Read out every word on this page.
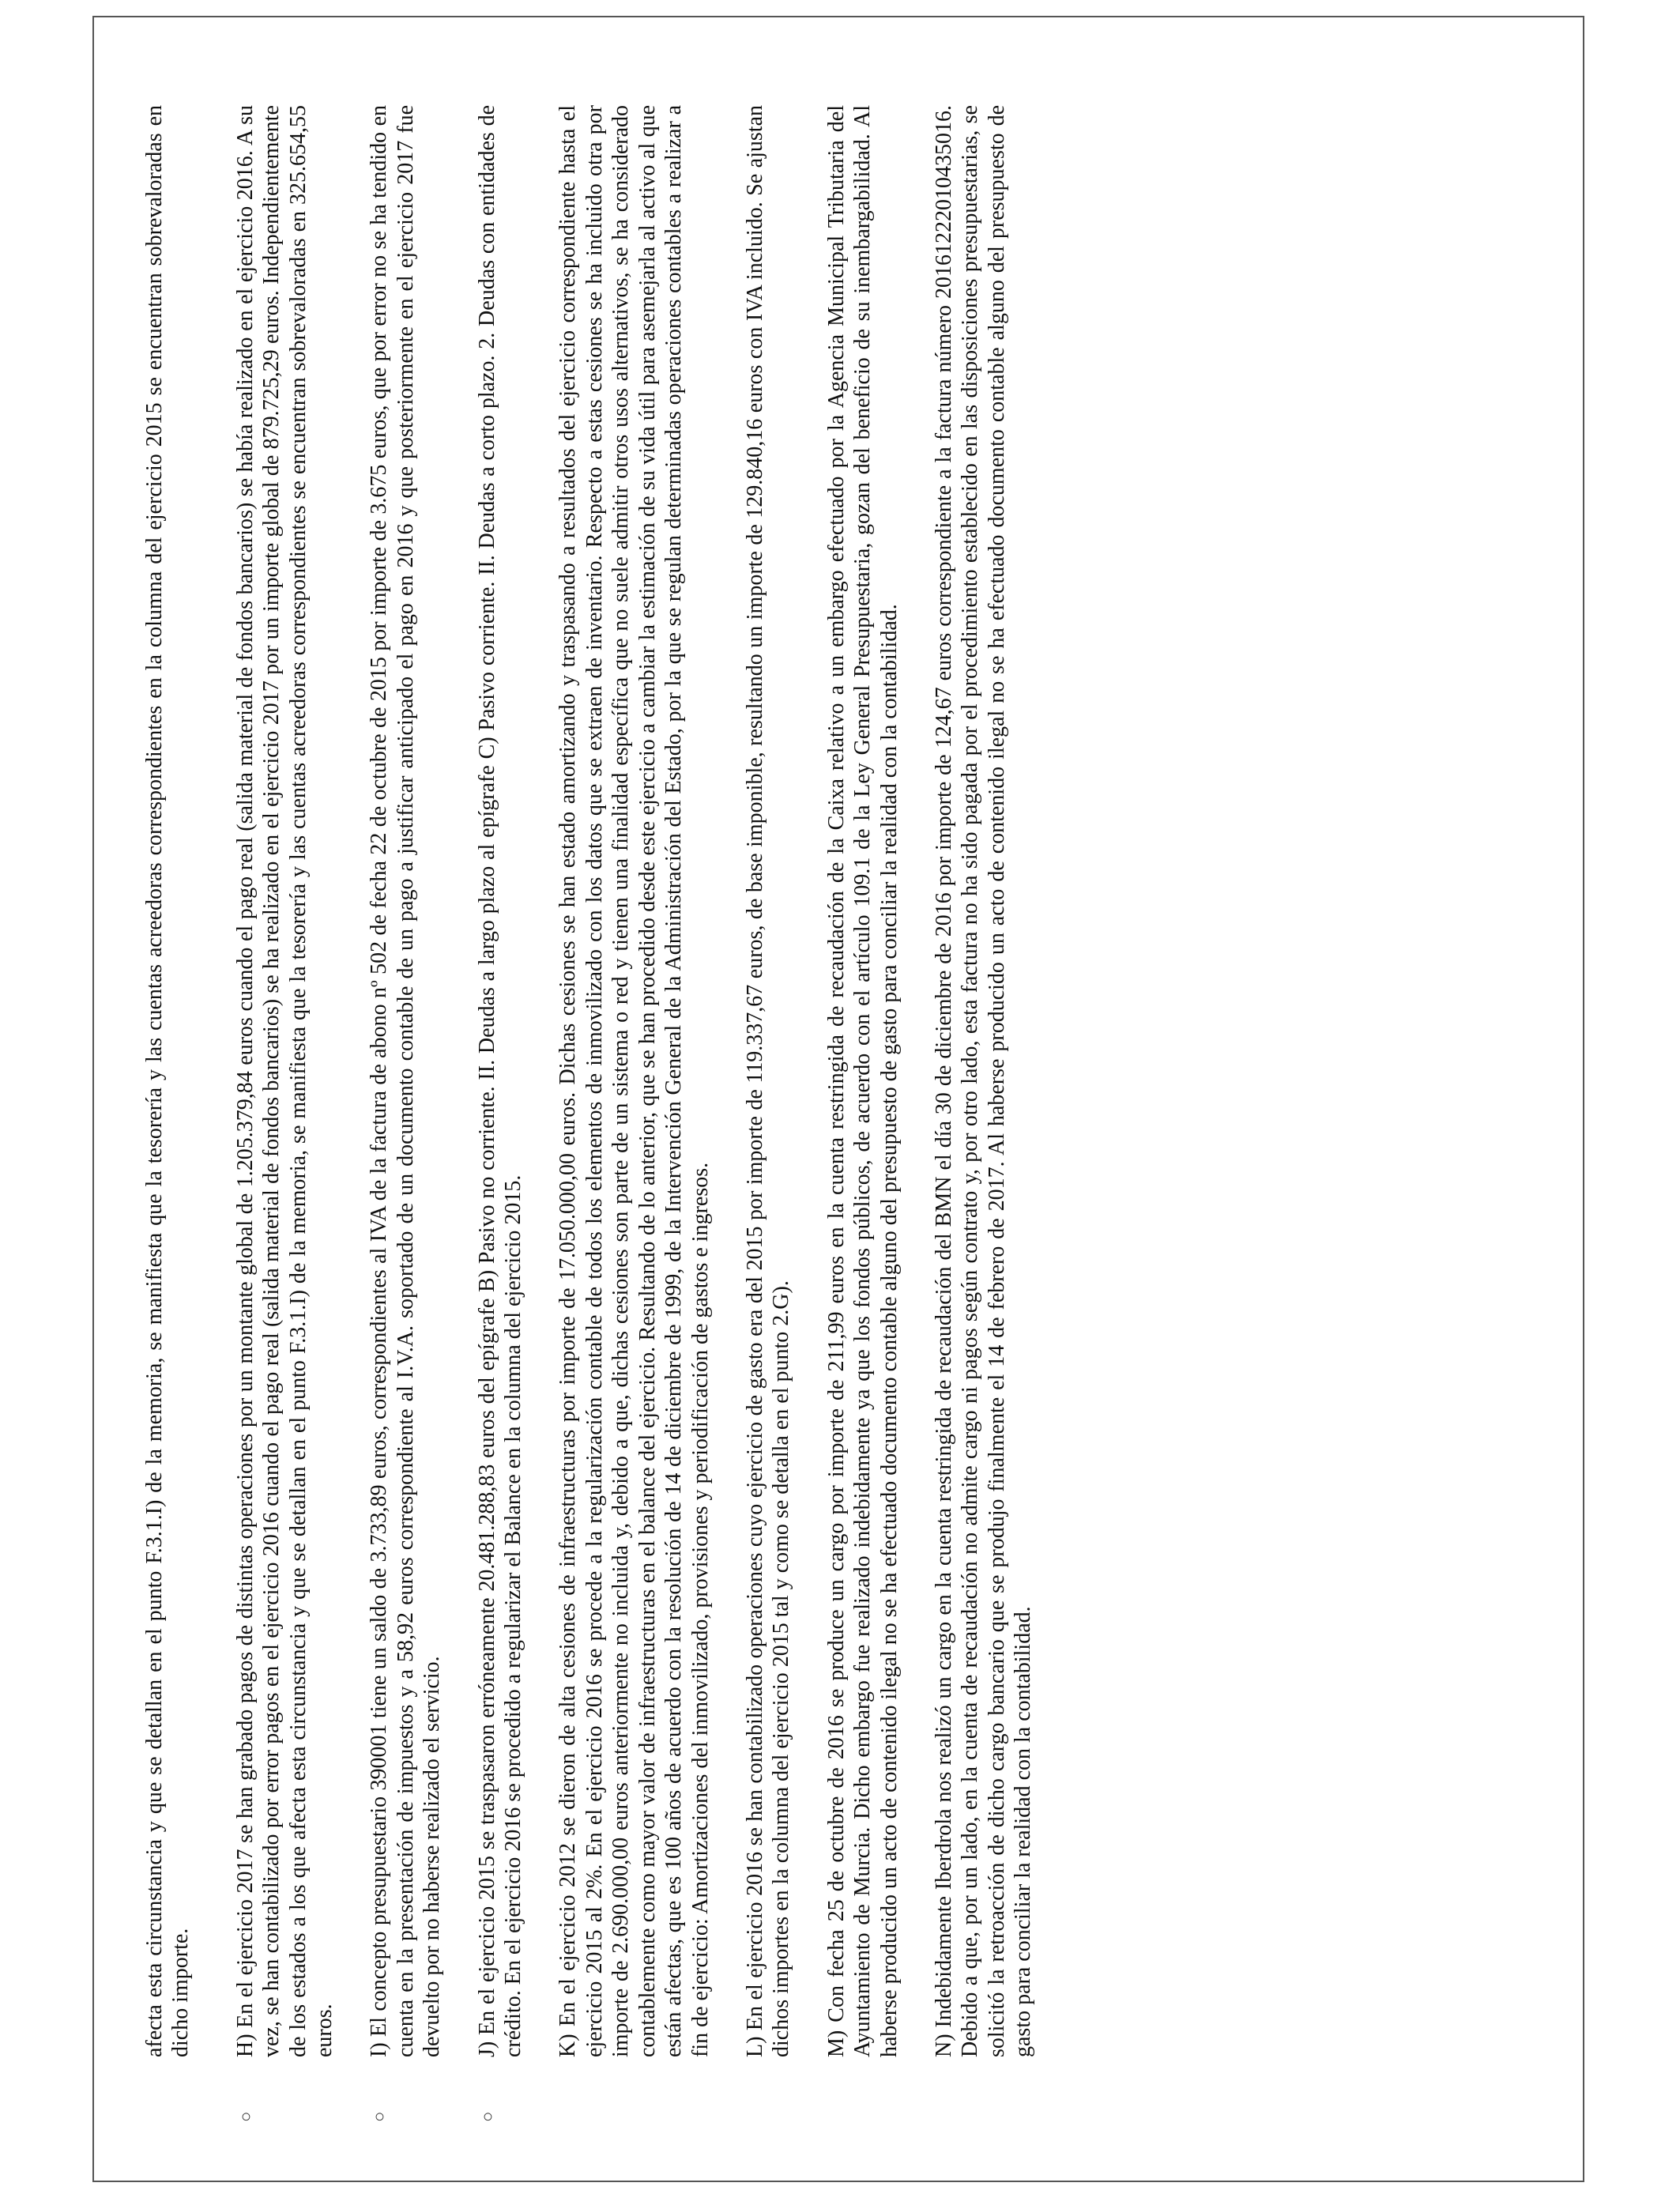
afecta esta circunstancia y que se detallan en el punto F.3.1.I) de la memoria, se manifiesta que la tesorería y las cuentas acreedoras correspondientes en la columna del ejercicio 2015 se encuentran sobrevaloradas en dicho importe.
○
H) En el ejercicio 2017 se han grabado pagos de distintas operaciones por un montante global de 1.205.379,84 euros cuando el pago real (salida material de fondos bancarios) se había realizado en el ejercicio 2016. A su vez, se han contabilizado por error pagos en el ejercicio 2016 cuando el pago real (salida material de fondos bancarios) se ha realizado en el ejercicio 2017 por un importe global de 879.725,29 euros. Independientemente de los estados a los que afecta esta circunstancia y que se detallan en el punto F.3.1.I) de la memoria, se manifiesta que la tesorería y las cuentas acreedoras correspondientes se encuentran sobrevaloradas en 325.654,55 euros.
○
I) El concepto presupuestario 390001 tiene un saldo de 3.733,89 euros, correspondientes al IVA de la factura de abono nº 502 de fecha 22 de octubre de 2015 por importe de 3.675 euros, que por error no se ha tendido en cuenta en la presentación de impuestos y a 58,92 euros correspondiente al I.V.A. soportado de un documento contable de un pago a justificar anticipado el pago en 2016 y que posteriormente en el ejercicio 2017 fue devuelto por no haberse realizado el servicio.
○
J) En el ejercicio 2015 se traspasaron erróneamente 20.481.288,83 euros del epígrafe B) Pasivo no corriente. II. Deudas a largo plazo al epígrafe C) Pasivo corriente. II. Deudas a corto plazo. 2. Deudas con entidades de crédito. En el ejercicio 2016 se procedido a regularizar el Balance en la columna del ejercicio 2015. K) En el ejercicio 2012 se dieron de alta cesiones de infraestructuras por importe de 17.050.000,00 euros. Dichas cesiones se han estado amortizando y traspasando a resultados del ejercicio correspondiente hasta el ejercicio 2015 al 2%. En el ejercicio 2016 se procede a la regularización contable de todos los elementos de inmovilizado con los datos que se extraen de inventario. Respecto a estas cesiones se ha incluido otra por importe de 2.690.000,00 euros anteriormente no incluida y, debido a que, dichas cesiones son parte de un sistema o red y tienen una finalidad específica que no suele admitir otros usos alternativos, se ha considerado contablemente como mayor valor de infraestructuras en el balance del ejercicio. Resultando de lo anterior, que se han procedido desde este ejercicio a cambiar la estimación de su vida útil para asemejarla al activo al que están afectas, que es 100 años de acuerdo con la resolución de 14 de diciembre de 1999, de la Intervención General de la Administración del Estado, por la que se regulan determinadas operaciones contables a realizar a fin de ejercicio: Amortizaciones del inmovilizado, provisiones y periodificación de gastos e ingresos. L) En el ejercicio 2016 se han contabilizado operaciones cuyo ejercicio de gasto era del 2015 por importe de 119.337,67 euros, de base imponible, resultando un importe de 129.840,16 euros con IVA incluido. Se ajustan dichos importes en la columna del ejercicio 2015 tal y como se detalla en el punto 2.G). M) Con fecha 25 de octubre de 2016 se produce un cargo por importe de 211,99 euros en la cuenta restringida de recaudación de la Caixa relativo a un embargo efectuado por la Agencia Municipal Tributaria del Ayuntamiento de Murcia. Dicho embargo fue realizado indebidamente ya que los fondos públicos, de acuerdo con el artículo 109.1 de la Ley General Presupuestaria, gozan del beneficio de su inembargabilidad. Al haberse producido un acto de contenido ilegal no se ha efectuado documento contable alguno del presupuesto de gasto para conciliar la realidad con la contabilidad. N) Indebidamente Iberdrola nos realizó un cargo en la cuenta restringida de recaudación del BMN el día 30 de diciembre de 2016 por importe de 124,67 euros correspondiente a la factura número 20161222010435016. Debido a que, por un lado, en la cuenta de recaudación no admite cargo ni pagos según contrato y, por otro lado, esta factura no ha sido pagada por el procedimiento establecido en las disposiciones presupuestarias, se solicitó la retroacción de dicho cargo bancario que se produjo finalmente el 14 de febrero de 2017. Al haberse producido un acto de contenido ilegal no se ha efectuado documento contable alguno del presupuesto de gasto para conciliar la realidad con la contabilidad.
